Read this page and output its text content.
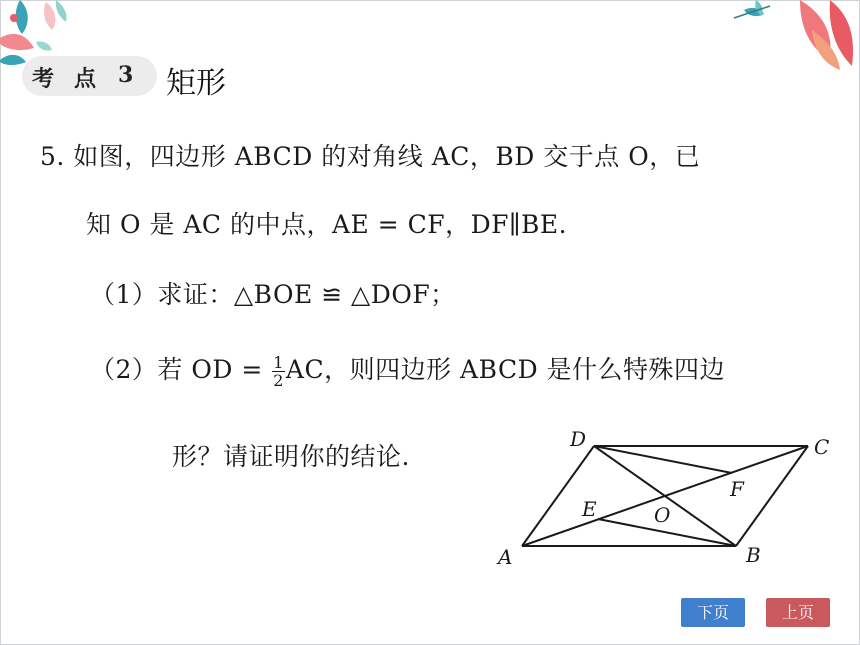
考 点 3 矩形
5. 如图，四边形 ABCD 的对角线 AC，BD 交于点 O，已
知 O 是 AC 的中点，AE = CF，DF∥BE.
（1）求证：△BOE ≌ △DOF；
（2）若 OD = $\frac{1}{2}$ AC，则四边形 ABCD 是什么特殊四边
形？请证明你的结论.
D	C
F
E	O
A	B
下页	上页
